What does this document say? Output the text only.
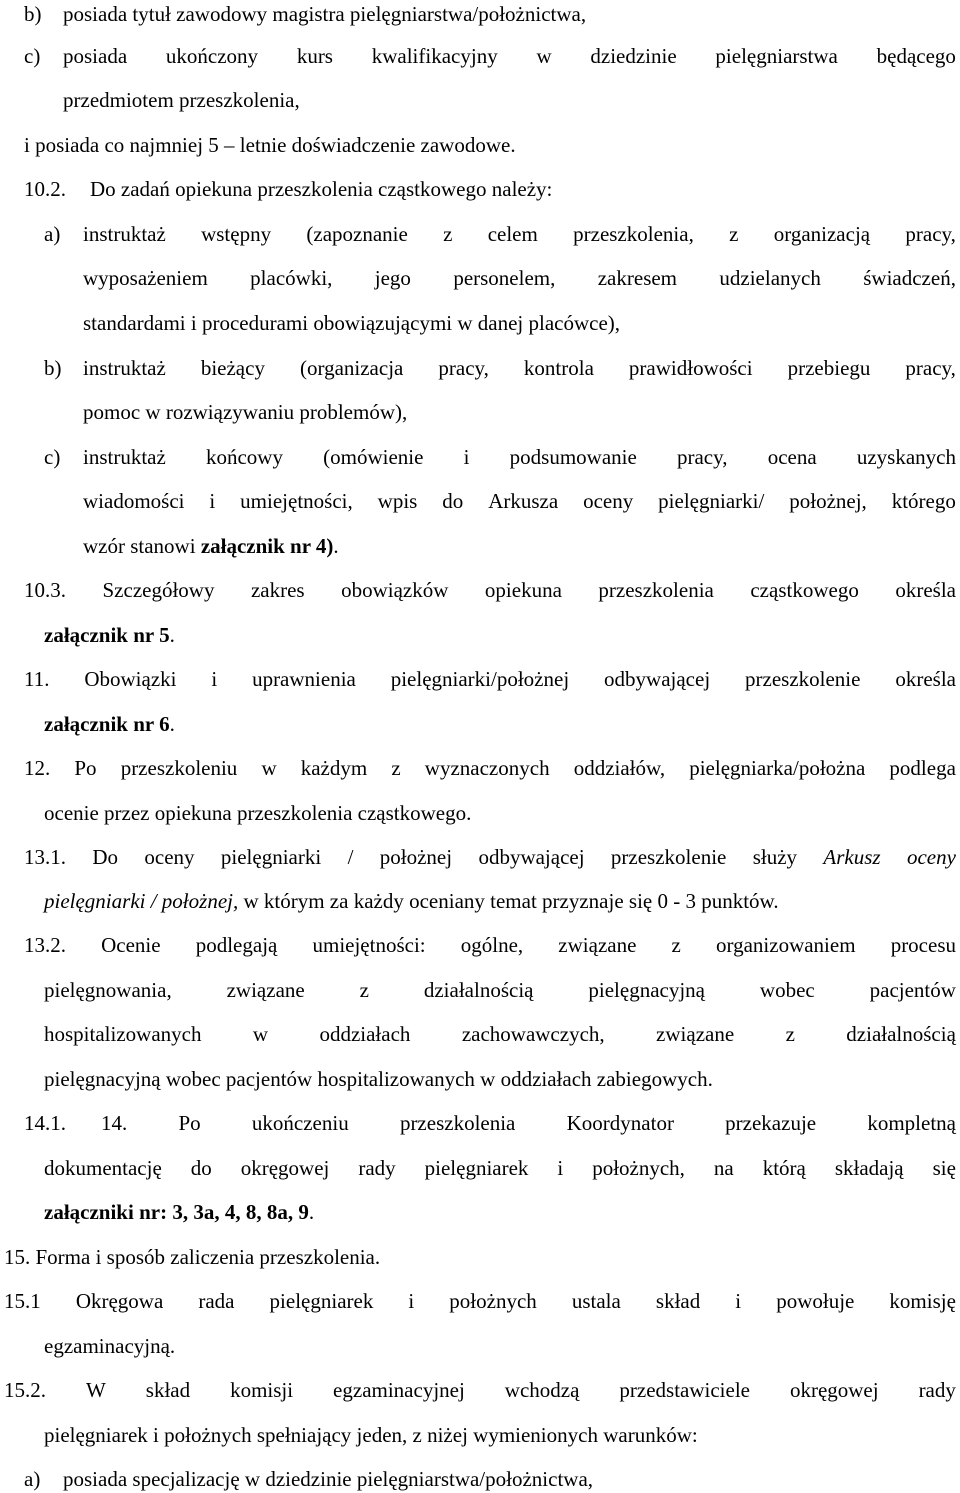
b) posiada tytuł zawodowy magistra pielęgniarstwa/położnictwa,
c) posiada ukończony kurs kwalifikacyjny w dziedzinie pielęgniarstwa będącego
przedmiotem przeszkolenia,
i posiada co najmniej 5 – letnie doświadczenie zawodowe.
10.2. Do zadań opiekuna przeszkolenia cząstkowego należy:
a) instruktaż wstępny (zapoznanie z celem przeszkolenia, z organizacją pracy,
wyposażeniem placówki, jego personelem, zakresem udzielanych świadczeń,
standardami i procedurami obowiązującymi w danej placówce),
b) instruktaż bieżący (organizacja pracy, kontrola prawidłowości przebiegu pracy,
pomoc w rozwiązywaniu problemów),
c) instruktaż końcowy (omówienie i podsumowanie pracy, ocena uzyskanych
wiadomości i umiejętności, wpis do Arkusza oceny pielęgniarki/ położnej, którego
wzór stanowi załącznik nr 4).
10.3. Szczegółowy zakres obowiązków opiekuna przeszkolenia cząstkowego określa
załącznik nr 5.
11. Obowiązki i uprawnienia pielęgniarki/położnej odbywającej przeszkolenie określa
załącznik nr 6.
12. Po przeszkoleniu w każdym z wyznaczonych oddziałów, pielęgniarka/położna podlega
ocenie przez opiekuna przeszkolenia cząstkowego.
13.1. Do oceny pielęgniarki / położnej odbywającej przeszkolenie służy Arkusz oceny
pielęgniarki / położnej, w którym za każdy oceniany temat przyznaje się 0 - 3 punktów.
13.2. Ocenie podlegają umiejętności: ogólne, związane z organizowaniem procesu
pielęgnowania,	związane	z	działalnością	pielęgnacyjną	wobec	pacjentów
hospitalizowanych w oddziałach zachowawczych, związane z działalnością
pielęgnacyjną wobec pacjentów hospitalizowanych w oddziałach zabiegowych.
14.1. 14. Po ukończeniu przeszkolenia Koordynator przekazuje kompletną
dokumentację do okręgowej rady pielęgniarek i położnych, na którą składają się
załączniki nr: 3, 3a, 4, 8, 8a, 9.
15. Forma i sposób zaliczenia przeszkolenia.
15.1 Okręgowa rada pielęgniarek i położnych ustala skład i powołuje komisję
egzaminacyjną.
15.2. W skład komisji egzaminacyjnej wchodzą przedstawiciele okręgowej rady
pielęgniarek i położnych spełniający jeden, z niżej wymienionych warunków:
a) posiada specjalizację w dziedzinie pielęgniarstwa/położnictwa,
